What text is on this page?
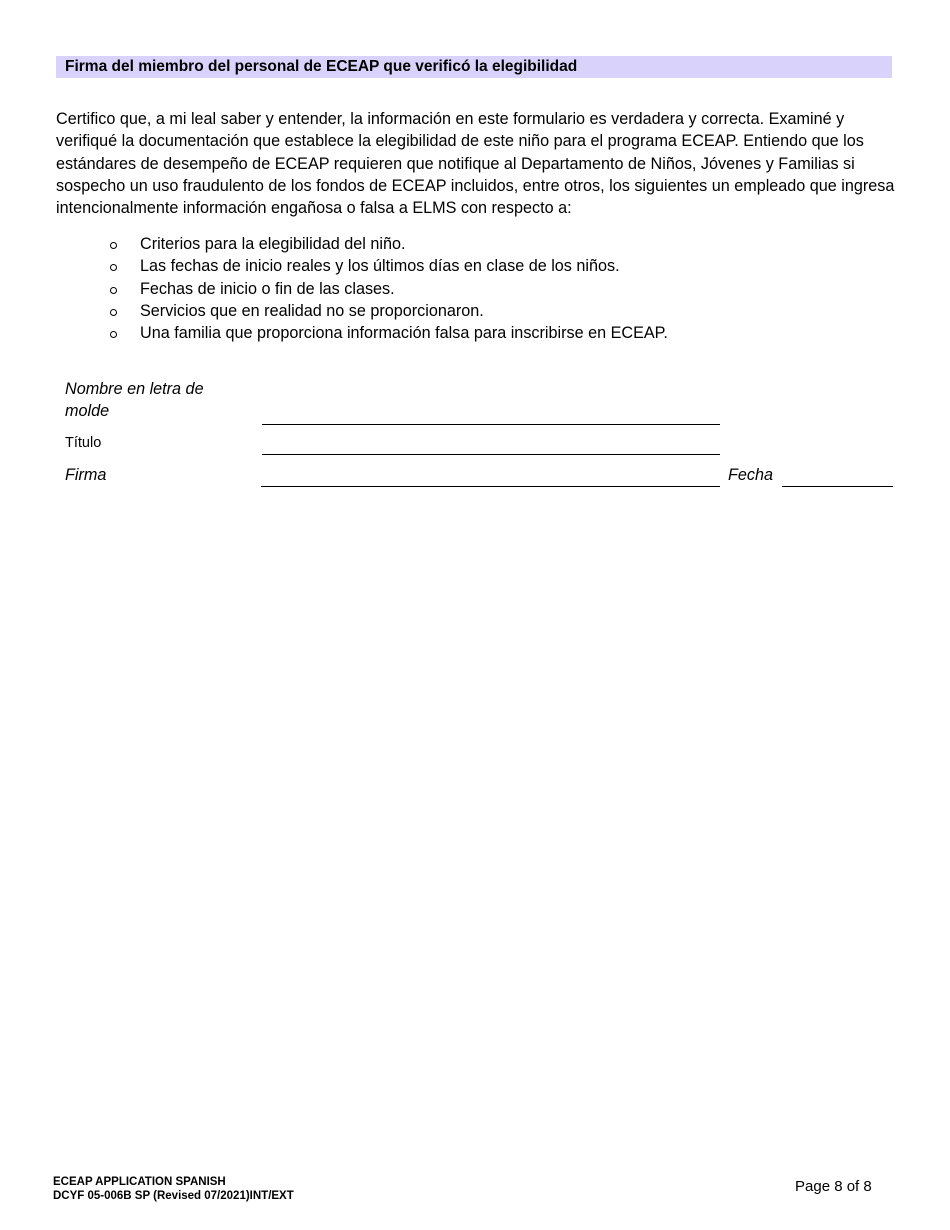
Firma del miembro del personal de ECEAP que verificó la elegibilidad

Certifico que, a mi leal saber y entender, la información en este formulario es verdadera y correcta. Examiné y verifiqué la documentación que establece la elegibilidad de este niño para el programa ECEAP. Entiendo que los estándares de desempeño de ECEAP requieren que notifique al Departamento de Niños, Jóvenes y Familias si sospecho un uso fraudulento de los fondos de ECEAP incluidos, entre otros, los siguientes un empleado que ingresa intencionalmente información engañosa o falsa a ELMS con respecto a:

Criterios para la elegibilidad del niño.
Las fechas de inicio reales y los últimos días en clase de los niños.
Fechas de inicio o fin de las clases.
Servicios que en realidad no se proporcionaron.
Una familia que proporciona información falsa para inscribirse en ECEAP.
Nombre en letra de molde
Título
Firma	Fecha
ECEAP APPLICATION SPANISH
DCYF 05-006B SP (Revised 07/2021)INT/EXT
Page 8 of 8
